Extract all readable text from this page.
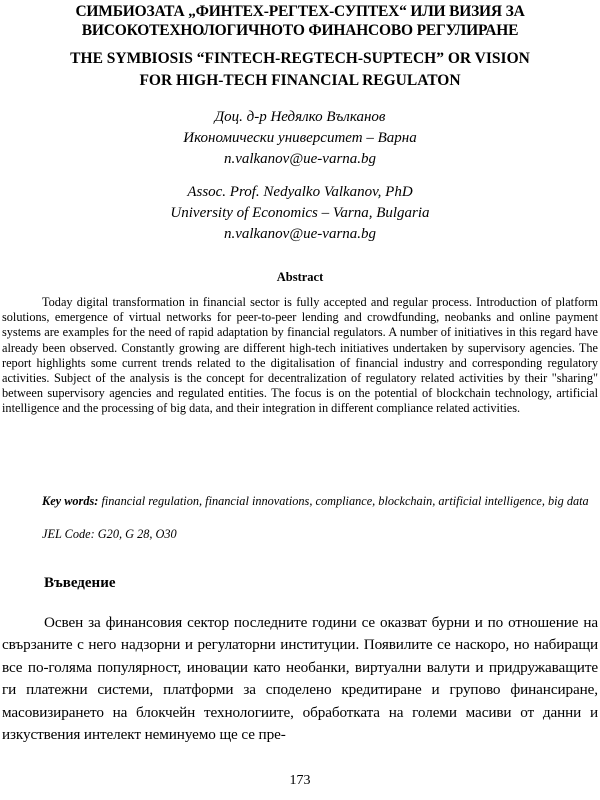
СИМБИОЗАТА „ФИНТЕХ-РЕГТЕХ-СУПТЕХ“ ИЛИ ВИЗИЯ ЗА
ВИСОКОТЕХНОЛОГИЧНОТО ФИНАНСОВО РЕГУЛИРАНЕ
THE SYMBIOSIS “FINTECH-REGTECH-SUPTECH” OR VISION
FOR HIGH-TECH FINANCIAL REGULATON
Доц. д-р Недялко Вълканов
Икономически университет – Варна
n.valkanov@ue-varna.bg
Assoc. Prof. Nedyalko Valkanov, PhD
University of Economics – Varna, Bulgaria
n.valkanov@ue-varna.bg
Abstract

Today digital transformation in financial sector is fully accepted and regular process. Introduction of platform solutions, emergence of virtual networks for peer-to-peer lending and crowdfunding, neobanks and online payment systems are examples for the need of rapid adaptation by financial regulators. A number of initiatives in this regard have already been observed. Constantly growing are different high-tech initiatives undertaken by supervisory agencies. The report highlights some current trends related to the digitalisation of financial industry and corresponding regulatory activities. Subject of the analysis is the concept for decentralization of regulatory related activities by their "sharing" between supervisory agencies and regulated entities. The focus is on the potential of blockchain technology, artificial intelligence and the processing of big data, and their integration in different compliance related activities.

Key words: financial regulation, financial innovations, compliance, blockchain, artificial intelligence, big data

JEL Code: G20, G 28, O30
Въведение

Освен за финансовия сектор последните години се оказват бурни и по отношение на свързаните с него надзорни и регулаторни институции. Появилите се наскоро, но набиращи все по-голяма популярност, иновации като необанки, виртуални валути и придружаващите ги платежни системи, платформи за споделено кредитиране и групово финансиране, масовизирането на блокчейн технологиите, обработката на големи масиви от данни и изкуствения интелект неминуемо ще се пре-

173
